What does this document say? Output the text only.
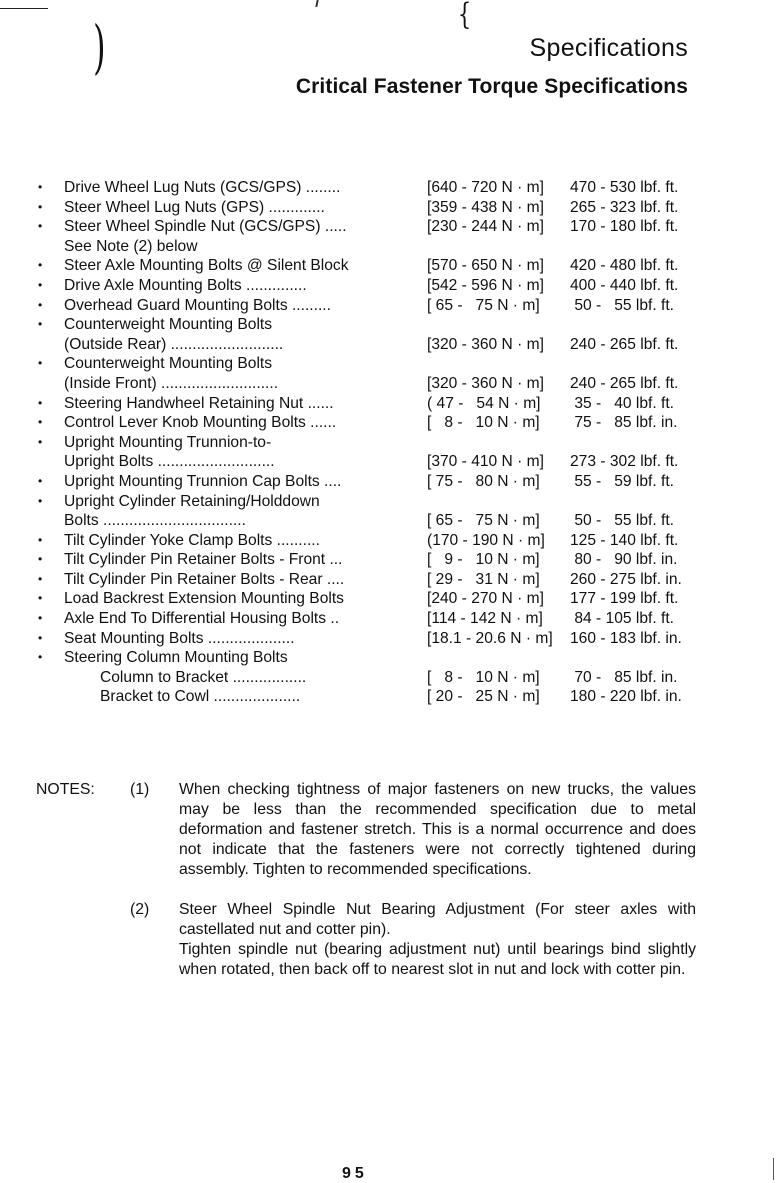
{
)	Specifications
Critical Fastener Torque Specifications
•	Drive Wheel Lug Nuts (GCS/GPS) ........	[640 - 720 N · m]	470 - 530 lbf. ft.
•	Steer Wheel Lug Nuts (GPS) .............	[359 - 438 N · m]	265 - 323 lbf. ft.
•	Steer Wheel Spindle Nut (GCS/GPS) .....	[230 - 244 N · m]	170 - 180 lbf. ft.
See Note (2) below
•	Steer Axle Mounting Bolts @ Silent Block	[570 - 650 N · m]	420 - 480 lbf. ft.
•	Drive Axle Mounting Bolts ..............	[542 - 596 N · m]	400 - 440 lbf. ft.
•	Overhead Guard Mounting Bolts .........	[ 65 -   75 N · m]	50 -   55 lbf. ft.
•	Counterweight Mounting Bolts
(Outside Rear) ..........................	[320 - 360 N · m]	240 - 265 lbf. ft.
•	Counterweight Mounting Bolts
(Inside Front) ...........................	[320 - 360 N · m]	240 - 265 lbf. ft.
•	Steering Handwheel Retaining Nut ......	( 47 -   54 N · m]	35 -   40 lbf. ft.
•	Control Lever Knob Mounting Bolts ......	[   8 -   10 N · m]	75 -   85 lbf. in.
•	Upright Mounting Trunnion-to-
Upright Bolts ...........................	[370 - 410 N · m]	273 - 302 lbf. ft.
•	Upright Mounting Trunnion Cap Bolts ....	[ 75 -   80 N · m]	55 -   59 lbf. ft.
•	Upright Cylinder Retaining/Holddown
Bolts .................................	[ 65 -   75 N · m]	50 -   55 lbf. ft.
•	Tilt Cylinder Yoke Clamp Bolts ..........	(170 - 190 N · m]	125 - 140 lbf. ft.
•	Tilt Cylinder Pin Retainer Bolts - Front ...	[   9 -   10 N · m]	80 -   90 lbf. in.
•	Tilt Cylinder Pin Retainer Bolts - Rear ....	[ 29 -   31 N · m]	260 - 275 lbf. in.
•	Load Backrest Extension Mounting Bolts	[240 - 270 N · m]	177 - 199 lbf. ft.
•	Axle End To Differential Housing Bolts ..	[114 - 142 N · m]	84 - 105 lbf. ft.
•	Seat Mounting Bolts ....................	[18.1 - 20.6 N · m]	160 - 183 lbf. in.
•	Steering Column Mounting Bolts
Column to Bracket .................	[   8 -   10 N · m]	70 -   85 lbf. in.
Bracket to Cowl ....................	[ 20 -   25 N · m]	180 - 220 lbf. in.
NOTES: (1) When checking tightness of major fasteners on new trucks, the values may be less than the recommended specification due to metal deformation and fastener stretch. This is a normal occurrence and does not indicate that the fasteners were not correctly tightened during assembly. Tighten to recommended specifications.

(2) Steer Wheel Spindle Nut Bearing Adjustment (For steer axles with castellated nut and cotter pin).

Tighten spindle nut (bearing adjustment nut) until bearings bind slightly when rotated, then back off to nearest slot in nut and lock with cotter pin.

95
